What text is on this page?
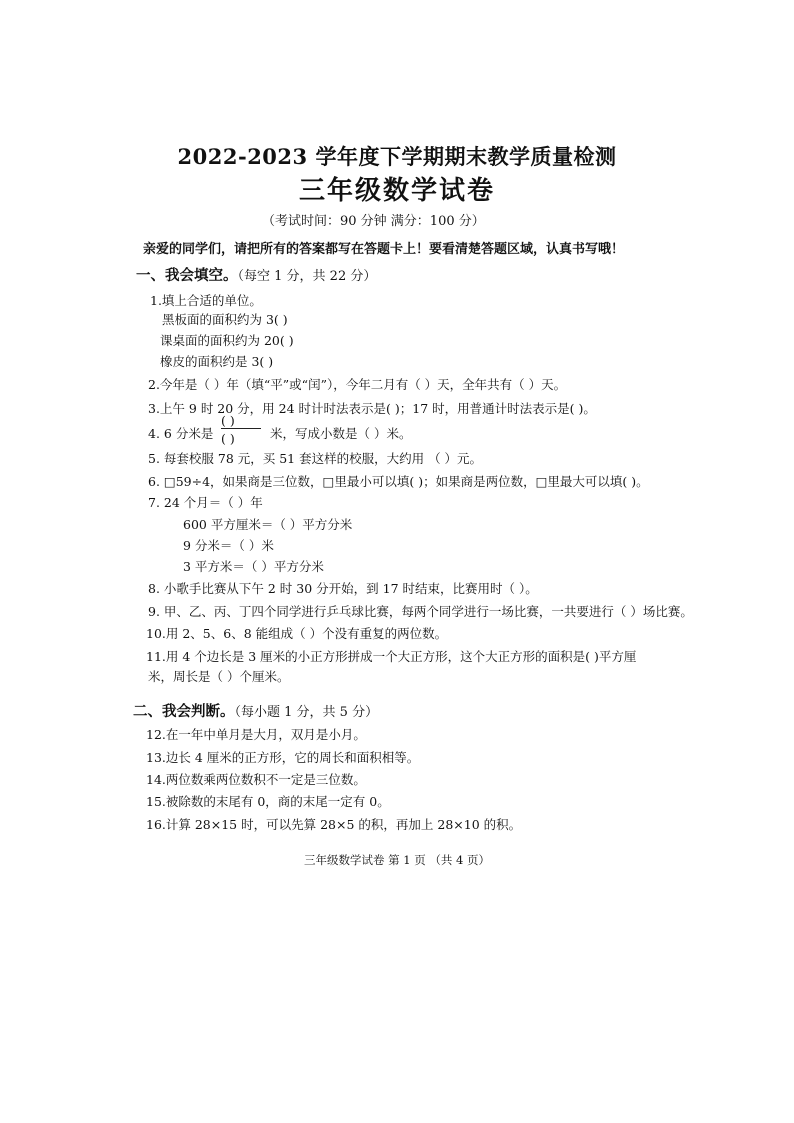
2022-2023 学年度下学期期末教学质量检测
三年级数学试卷
（考试时间：90 分钟 满分：100 分）
亲爱的同学们，请把所有的答案都写在答题卡上！要看清楚答题区域，认真书写哦！
一、我会填空。（每空 1 分，共 22 分）
1.填上合适的单位。
黑板面的面积约为 3( )
课桌面的面积约为 20( )
橡皮的面积约是 3( )
2.今年是（ ）年（填“平”或“闰”），今年二月有（ ）天，全年共有（ ）天。
3.上午 9 时 20 分，用 24 时计时法表示是( )；17 时，用普通计时法表示是( )。
4. 6 分米是
( )
( )	米，写成小数是（ ）米。
5. 每套校服 78 元，买 51 套这样的校服，大约用 （ ）元。
6. □59÷4，如果商是三位数，□里最小可以填( )；如果商是两位数，□里最大可以填( )。
7. 24 个月＝（ ）年
600 平方厘米＝（ ）平方分米
9 分米＝（ ）米
3 平方米＝（ ）平方分米
8. 小歌手比赛从下午 2 时 30 分开始，到 17 时结束，比赛用时（ ）。
9. 甲、乙、丙、丁四个同学进行乒乓球比赛，每两个同学进行一场比赛，一共要进行（ ）场比赛。
10.用 2、5、6、8 能组成（ ）个没有重复的两位数。
11.用 4 个边长是 3 厘米的小正方形拼成一个大正方形，这个大正方形的面积是( )平方厘
米，周长是（ ）个厘米。
二、我会判断。（每小题 1 分，共 5 分）
12.在一年中单月是大月，双月是小月。
13.边长 4 厘米的正方形，它的周长和面积相等。
14.两位数乘两位数积不一定是三位数。
15.被除数的末尾有 0，商的末尾一定有 0。
16.计算 28×15 时，可以先算 28×5 的积，再加上 28×10 的积。
三年级数学试卷 第 1 页 （共 4 页）
